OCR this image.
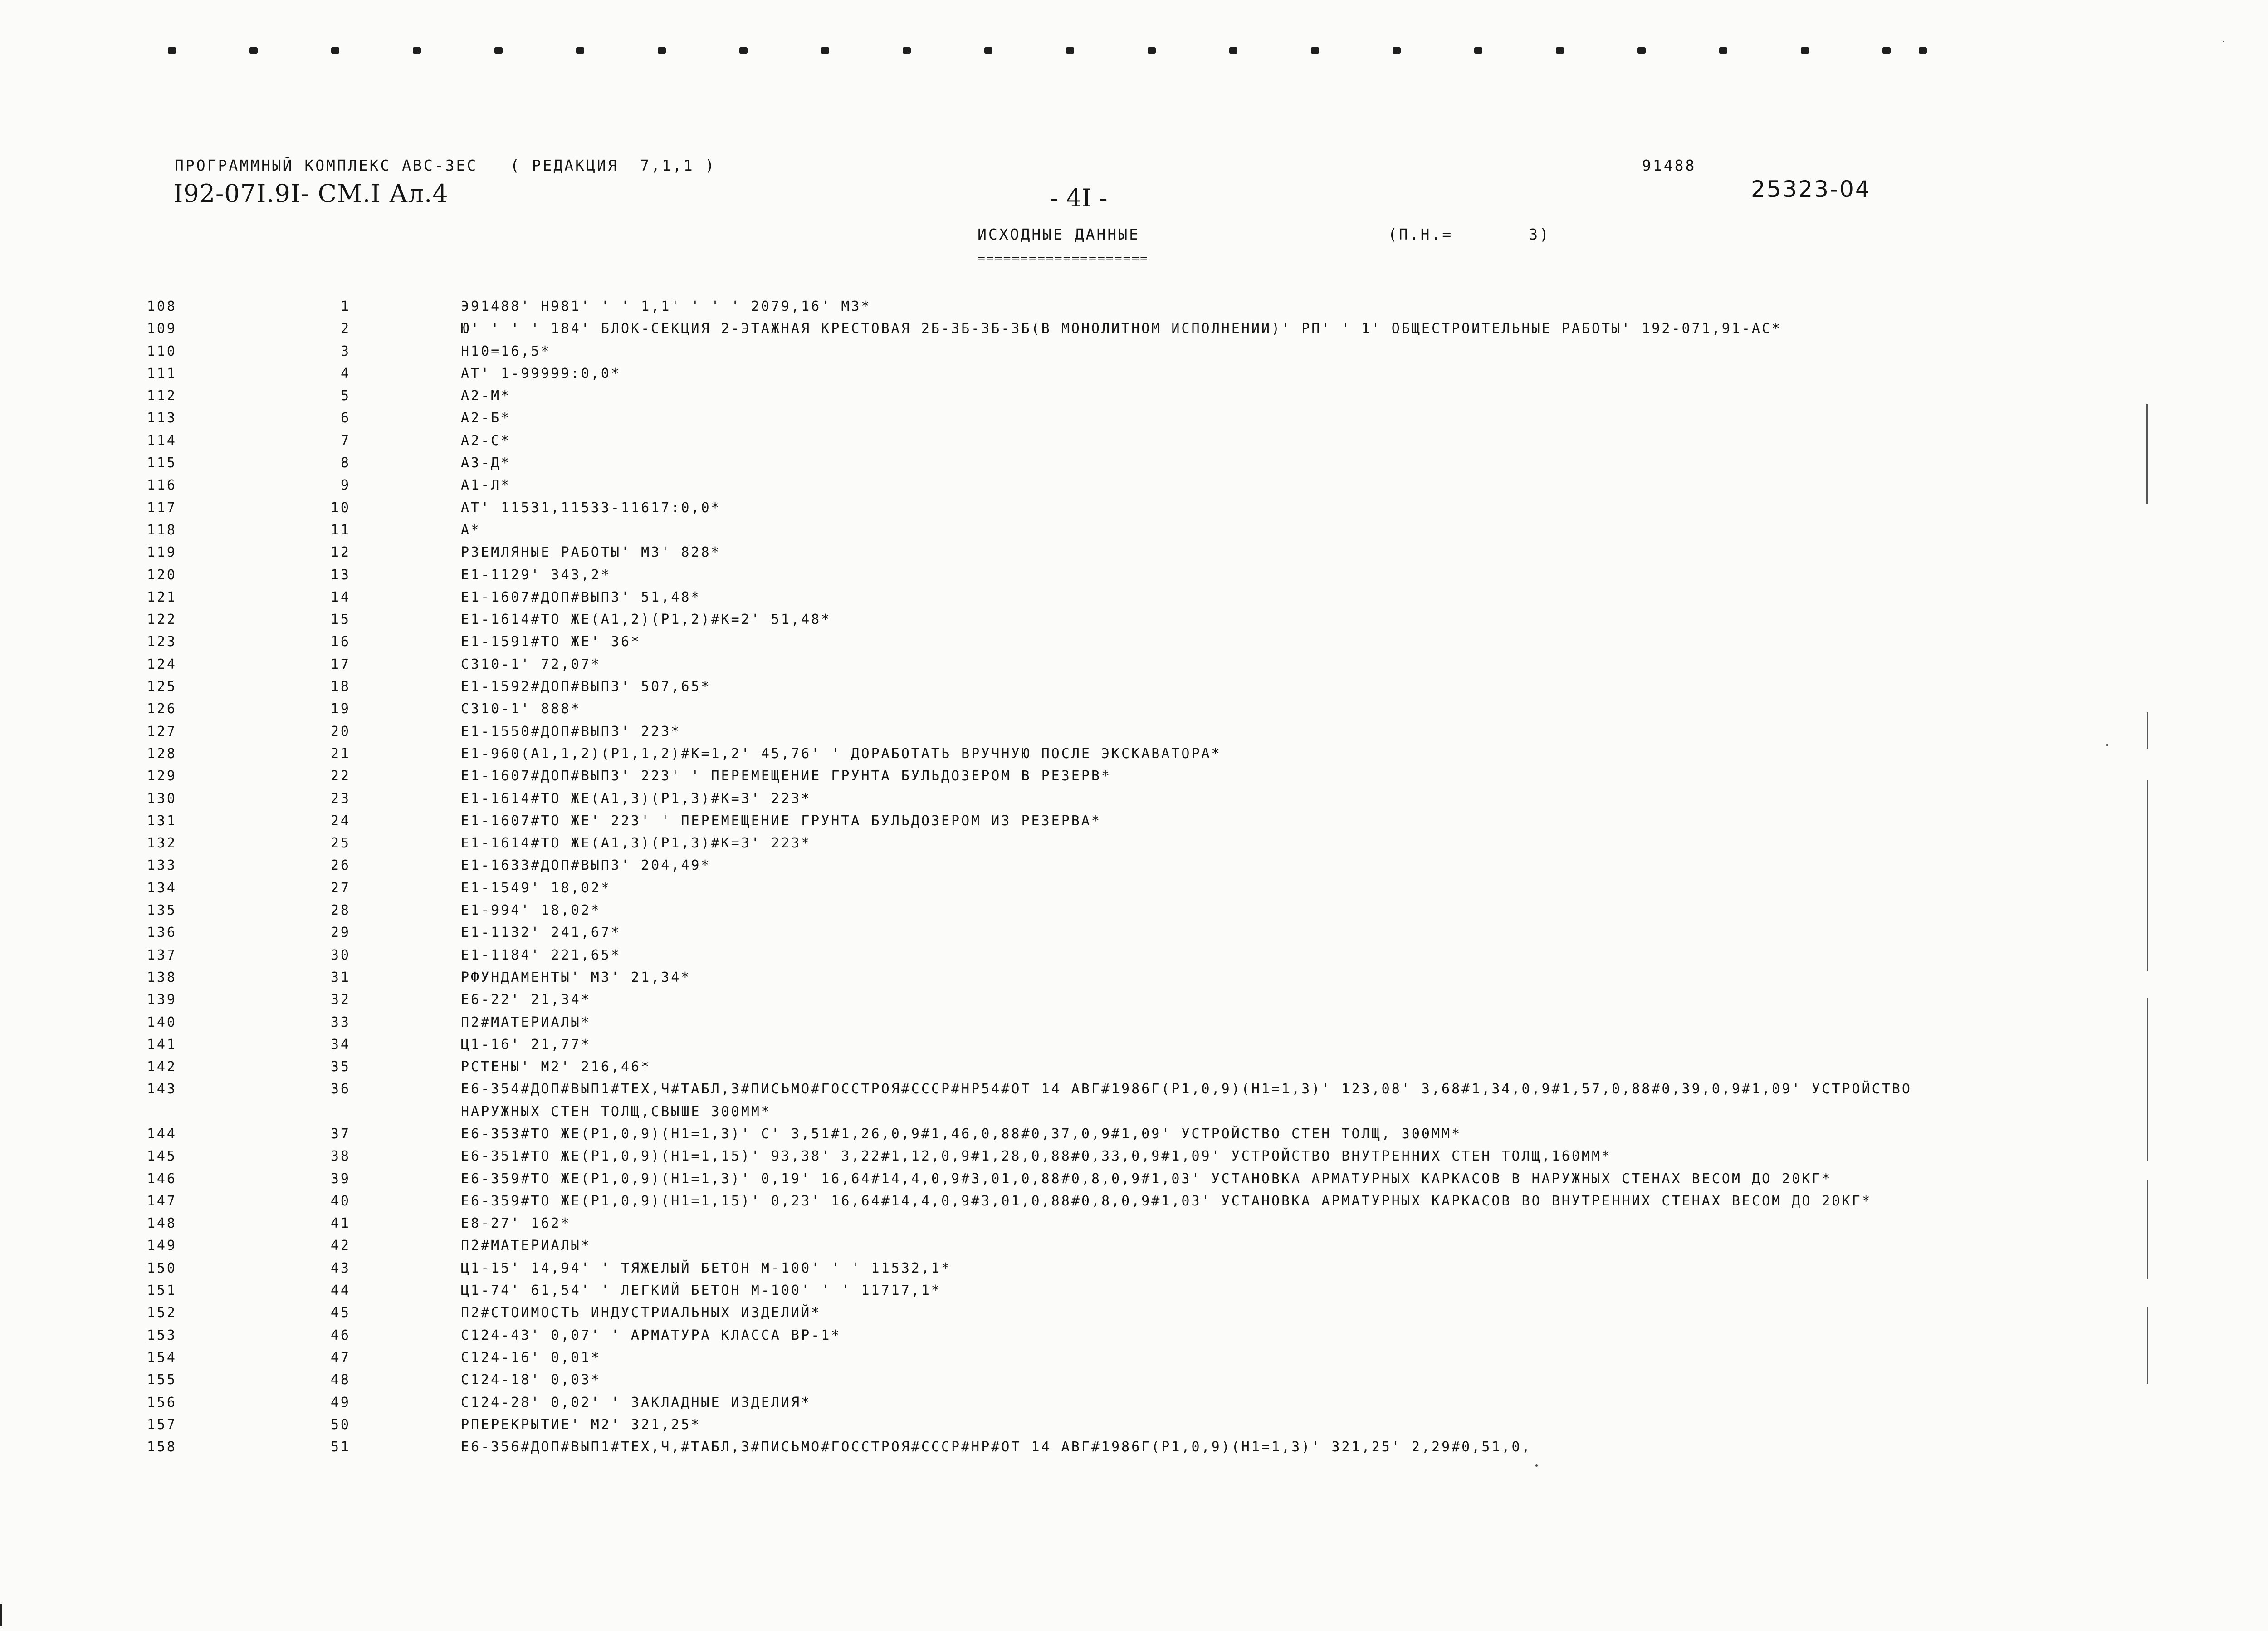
ПРОГРАММНЫЙ КОМПЛЕКС АВС-ЗЕС   ( РЕДАКЦИЯ  7,1,1 )	91488
I92-07I.9I- СМ.I Ал.4	- 4I -	25323-04
ИСХОДНЫЕ ДАННЫЕ	(П.Н.=       3)
====================
108	1	Э91488' Н981' ' ' 1,1' ' ' ' 2079,16' МЗ*
109	2	Ю' ' ' ' 184' БЛОК-СЕКЦИЯ 2-ЭТАЖНАЯ КРЕСТОВАЯ 2Б-3Б-3Б-3Б(В МОНОЛИТНОМ ИСПОЛНЕНИИ)' РП' ' 1' ОБЩЕСТРОИТЕЛЬНЫЕ РАБОТЫ' 192-071,91-АС*
110	3	Н10=16,5*
111	4	АТ' 1-99999:0,0*
112	5	А2-М*
113	6	А2-Б*
114	7	А2-С*
115	8	А3-Д*
116	9	А1-Л*
117	10	АТ' 11531,11533-11617:0,0*
118	11	А*
119	12	РЗЕМЛЯНЫЕ РАБОТЫ' МЗ' 828*
120	13	Е1-1129' 343,2*
121	14	Е1-1607#ДОП#ВЫП3' 51,48*
122	15	Е1-1614#ТО ЖЕ(А1,2)(Р1,2)#К=2' 51,48*
123	16	Е1-1591#ТО ЖЕ' 36*
124	17	С310-1' 72,07*
125	18	Е1-1592#ДОП#ВЫП3' 507,65*
126	19	С310-1' 888*
127	20	Е1-1550#ДОП#ВЫП3' 223*
128	21	Е1-960(А1,1,2)(Р1,1,2)#К=1,2' 45,76' ' ДОРАБОТАТЬ ВРУЧНУЮ ПОСЛЕ ЭКСКАВАТОРА*
129	22	Е1-1607#ДОП#ВЫП3' 223' ' ПЕРЕМЕЩЕНИЕ ГРУНТА БУЛЬДОЗЕРОМ В РЕЗЕРВ*
130	23	Е1-1614#ТО ЖЕ(А1,3)(Р1,3)#К=3' 223*
131	24	Е1-1607#ТО ЖЕ' 223' ' ПЕРЕМЕЩЕНИЕ ГРУНТА БУЛЬДОЗЕРОМ ИЗ РЕЗЕРВА*
132	25	Е1-1614#ТО ЖЕ(А1,3)(Р1,3)#К=3' 223*
133	26	Е1-1633#ДОП#ВЫП3' 204,49*
134	27	Е1-1549' 18,02*
135	28	Е1-994' 18,02*
136	29	Е1-1132' 241,67*
137	30	Е1-1184' 221,65*
138	31	РФУНДАМЕНТЫ' МЗ' 21,34*
139	32	Е6-22' 21,34*
140	33	П2#МАТЕРИАЛЫ*
141	34	Ц1-16' 21,77*
142	35	РСТЕНЫ' М2' 216,46*
143	36	Е6-354#ДОП#ВЫП1#ТЕХ,Ч#ТАБЛ,3#ПИСЬМО#ГОССТРОЯ#СССР#НР54#ОТ 14 АВГ#1986Г(Р1,0,9)(Н1=1,3)' 123,08' 3,68#1,34,0,9#1,57,0,88#0,39,0,9#1,09' УСТРОЙСТВО НАРУЖНЫХ СТЕН ТОЛЩ,СВЫШЕ 300ММ*
144	37	Е6-353#ТО ЖЕ(Р1,0,9)(Н1=1,3)' С' 3,51#1,26,0,9#1,46,0,88#0,37,0,9#1,09' УСТРОЙСТВО СТЕН ТОЛЩ, 300ММ*
145	38	Е6-351#ТО ЖЕ(Р1,0,9)(Н1=1,15)' 93,38' 3,22#1,12,0,9#1,28,0,88#0,33,0,9#1,09' УСТРОЙСТВО ВНУТРЕННИХ СТЕН ТОЛЩ,160ММ*
146	39	Е6-359#ТО ЖЕ(Р1,0,9)(Н1=1,3)' 0,19' 16,64#14,4,0,9#3,01,0,88#0,8,0,9#1,03' УСТАНОВКА АРМАТУРНЫХ КАРКАСОВ В НАРУЖНЫХ СТЕНАХ ВЕСОМ ДО 20КГ*
147	40	Е6-359#ТО ЖЕ(Р1,0,9)(Н1=1,15)' 0,23' 16,64#14,4,0,9#3,01,0,88#0,8,0,9#1,03' УСТАНОВКА АРМАТУРНЫХ КАРКАСОВ ВО ВНУТРЕННИХ СТЕНАХ ВЕСОМ ДО 20КГ*
148	41	Е8-27' 162*
149	42	П2#МАТЕРИАЛЫ*
150	43	Ц1-15' 14,94' ' ТЯЖЕЛЫЙ БЕТОН М-100' ' ' 11532,1*
151	44	Ц1-74' 61,54' ' ЛЕГКИЙ БЕТОН М-100' ' ' 11717,1*
152	45	П2#СТОИМОСТЬ ИНДУСТРИАЛЬНЫХ ИЗДЕЛИЙ*
153	46	С124-43' 0,07' ' АРМАТУРА КЛАССА ВР-1*
154	47	С124-16' 0,01*
155	48	С124-18' 0,03*
156	49	С124-28' 0,02' ' ЗАКЛАДНЫЕ ИЗДЕЛИЯ*
157	50	РПЕРЕКРЫТИЕ' М2' 321,25*
158	51	Е6-356#ДОП#ВЫП1#ТЕХ,Ч,#ТАБЛ,3#ПИСЬМО#ГОССТРОЯ#СССР#НР#ОТ 14 АВГ#1986Г(Р1,0,9)(Н1=1,3)' 321,25' 2,29#0,51,0,
